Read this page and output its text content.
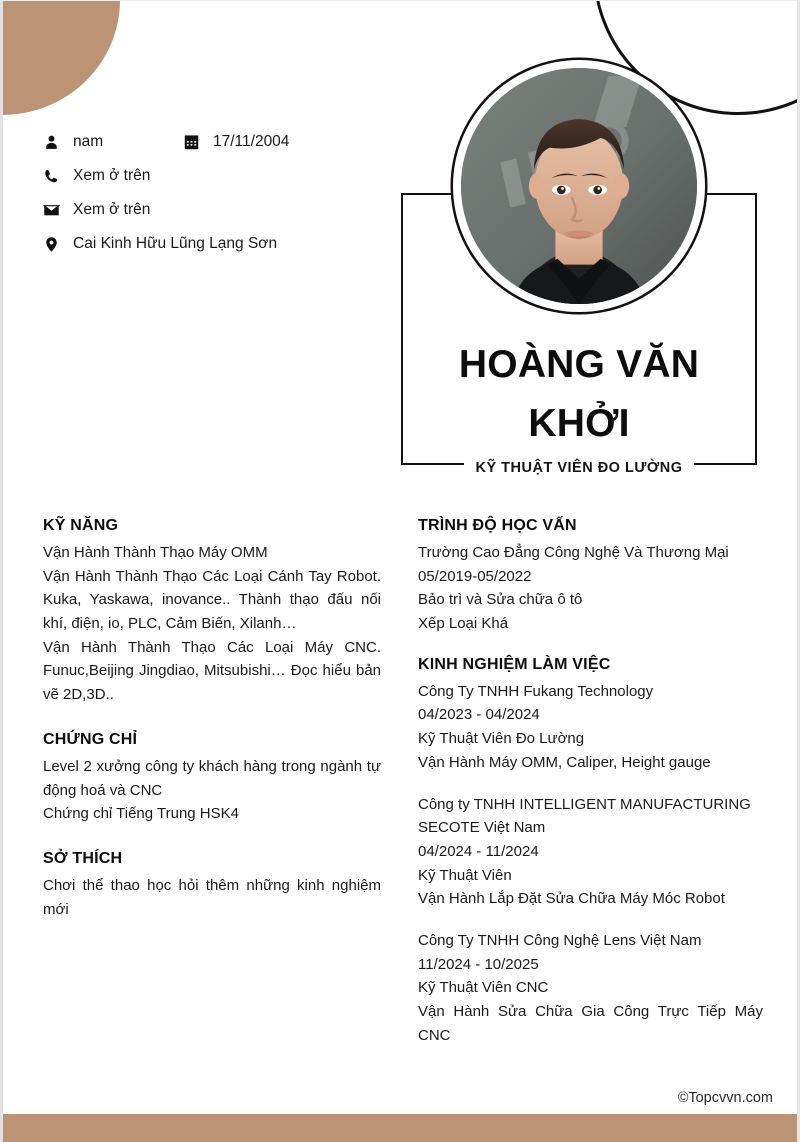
nam	17/11/2004
Xem ở trên
Xem ở trên
Cai Kinh Hữu Lũng Lạng Sơn
HOÀNG VĂN
KHỞI
KỸ THUẬT VIÊN ĐO LƯỜNG
KỸ NĂNG
Vận Hành Thành Thạo Máy OMM
Vận Hành Thành Thạo Các Loại Cánh Tay Robot. Kuka, Yaskawa, inovance.. Thành thạo đấu nối khí, điện, io, PLC, Cảm Biến, Xilanh…
Vận Hành Thành Thạo Các Loại Máy CNC. Funuc,Beijing Jingdiao, Mitsubishi… Đọc hiểu bản vẽ 2D,3D..
CHỨNG CHỈ
Level 2 xưởng công ty khách hàng trong ngành tự động hoá và CNC
Chứng chỉ Tiếng Trung HSK4
SỞ THÍCH
Chơi thể thao học hỏi thêm những kinh nghiệm mới
TRÌNH ĐỘ HỌC VẤN
Trường Cao Đẳng Công Nghệ Và Thương Mại
05/2019-05/2022
Bảo trì và Sửa chữa ô tô
Xếp Loại Khá
KINH NGHIỆM LÀM VIỆC
Công Ty TNHH Fukang Technology
04/2023 - 04/2024
Kỹ Thuật Viên Đo Lường
Vận Hành Máy OMM, Caliper, Height gauge
Công ty TNHH INTELLIGENT MANUFACTURING SECOTE Việt Nam
04/2024 - 11/2024
Kỹ Thuật Viên
Vận Hành Lắp Đặt Sửa Chữa Máy Móc Robot
Công Ty TNHH Công Nghệ Lens Việt Nam
11/2024 - 10/2025
Kỹ Thuật Viên CNC
Vận Hành Sửa Chữa Gia Công Trực Tiếp Máy CNC
©Topcvvn.com
